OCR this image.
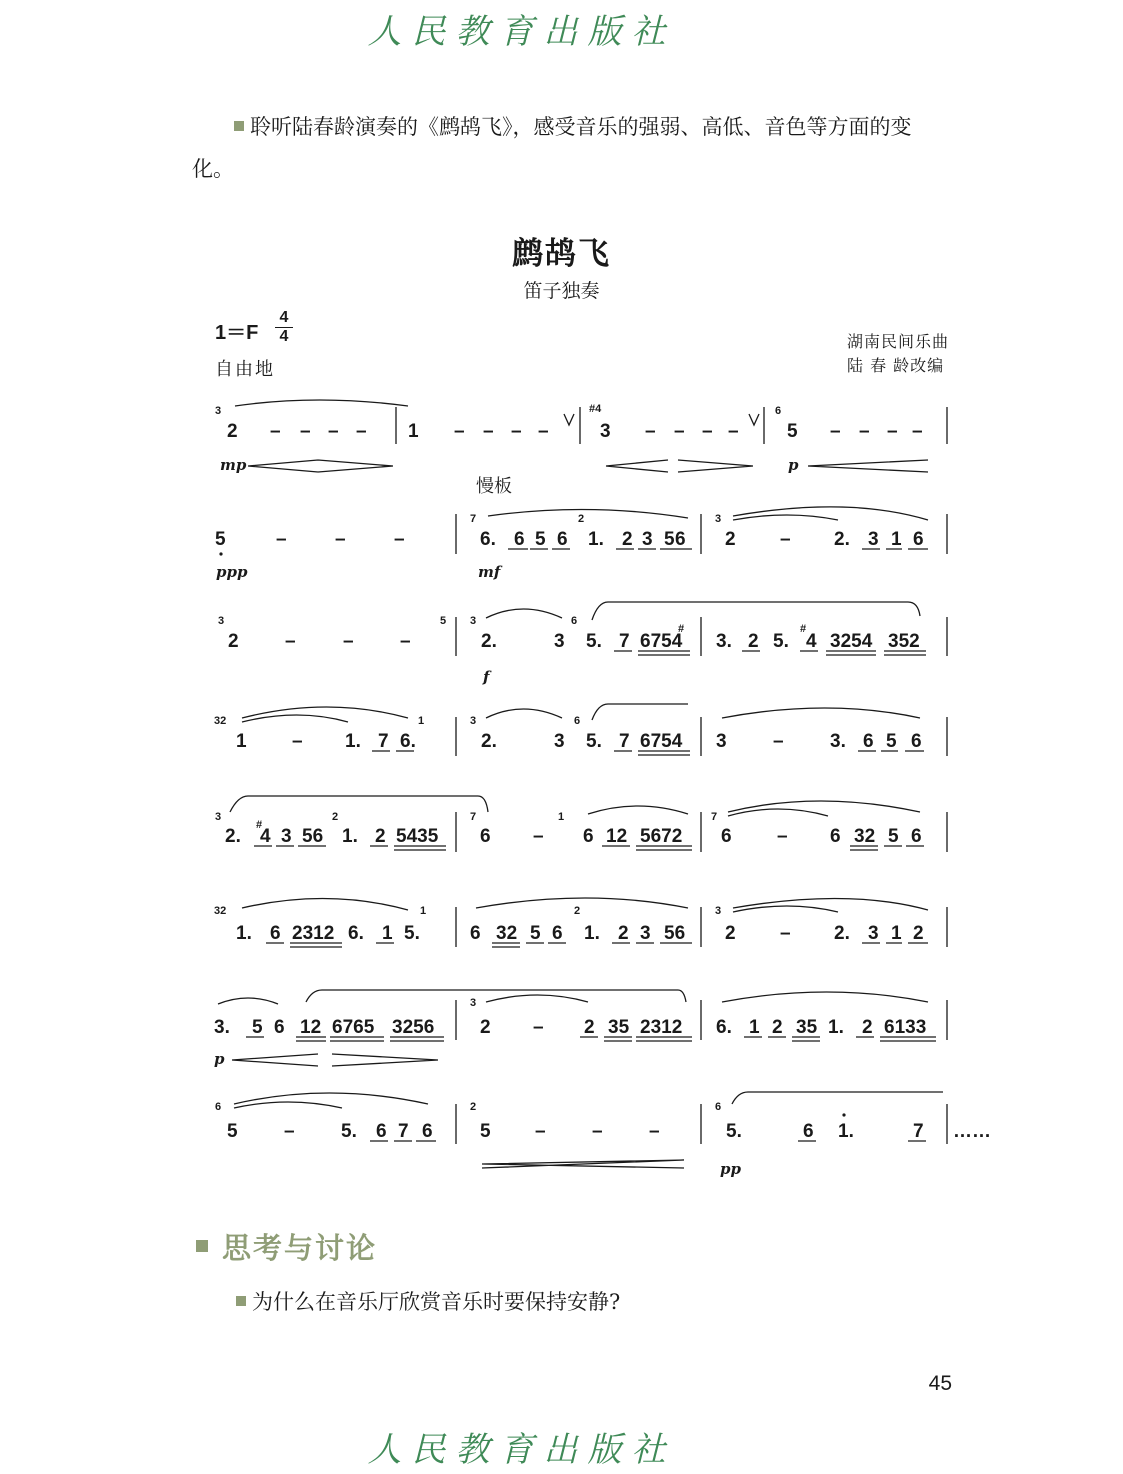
人民教育出版社
聆听陆春龄演奏的《鹧鸪飞》，感受音乐的强弱、高低、音色等方面的变化。
鹧鸪飞
笛子独奏
1＝F
4
4
自由地
湖南民间乐曲
陆 春 龄改编
3
2 – – – – 1 – – – –
#4
3 – – – –
6
5 – – – –
mp	p
慢板
5	–	–	–
7
6. 6 5 6
2
1. 2 3 5 6
3
2 – 2. 3 1 6
ppp	mf
3
2 – – –
5 3
2.	3
6
5. 7 6754
#
3. 2 5.
#
4 3254 352
f
32
1 – 1. 7 6.
1	3
2.	3
6
5. 7 6754 3 – 3. 6 5 6
3
2.
#
4 3 56
2
1. 2 5435
7
6 –
1
6 12 5672
7
6 – 6 32 5 6
32
1. 6 2312 6. 1 5.
1
6 32 5 6
2
1. 2 3 56
3
2 – 2. 3 1 2
3. 5 6 12 6765 3256
3
2 – 2 35 2312 6. 1 2 35 1. 2 6133
p
6
5 – 5. 6 7 6
2
5 – – –
6
5.	6 1.	7 ……
pp
思考与讨论
为什么在音乐厅欣赏音乐时要保持安静?
45
人民教育出版社
